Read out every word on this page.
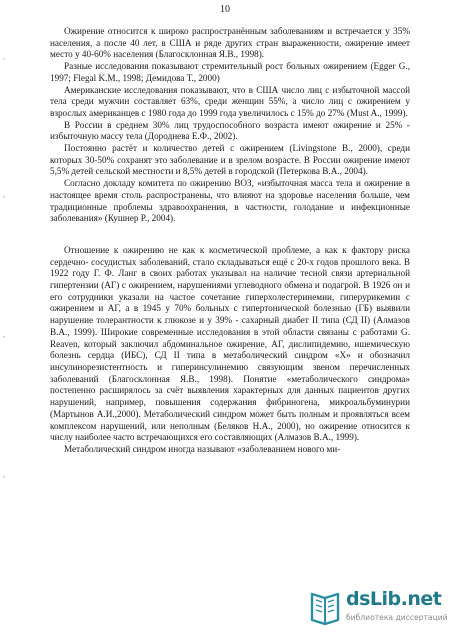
10
,
,
,
,

Ожирение относится к широко распространённым заболеваниям и встречается у 35% населения, а после 40 лет, в США и ряде других стран выраженности, ожирение имеет место у 40-60% населения (Благосклонная Я.В., 1998).

Разные исследования показывают стремительный рост больных ожирением (Egger G., 1997; Flegal K.M., 1998; Демидова Т., 2000)

Американские исследования показывают, что в США число лиц с избыточной массой тела среди мужчин составляет 63%, среди женщин 55%, а число лиц с ожирением у взрослых американцев с 1980 года до 1999 года увеличилось с 15% до 27% (Must A., 1999).

В России в среднем 30% лиц трудоспособного возраста имеют ожирение и 25% - избыточную массу тела (Дороднева Е.Ф., 2002).

Постоянно растёт и количество детей с ожирением (Livingstone B., 2000), среди которых 30-50% сохранят это заболевание и в зрелом возрасте. В России ожирение имеют 5,5% детей сельской местности и 8,5% детей в городской (Петеркова В.А., 2004).

Согласно докладу комитета по ожирению ВОЗ, «избыточная масса тела и ожирение в настоящее время столь распространены, что влияют на здоровье населения больше, чем традиционные проблемы здравоохранения, в частности, голодание и инфекционные заболевания» (Кушнер Р., 2004).

Отношение к ожирению не как к косметической проблеме, а как к фактору риска сердечно- сосудистых заболеваний, стало складываться ещё с 20-х годов прошлого века. В 1922 году Г. Ф. Ланг в своих работах указывал на наличие тесной связи артериальной гипертензии (АГ) с ожирением, нарушениями углеводного обмена и подагрой. В 1926 он и его сотрудники указали на частое сочетание гиперхолестеринемии, гиперурикемии с ожирением и АГ, а в 1945 у 70% больных с гипертонической болезнью (ГБ) выявили нарушение толерантности к глюкозе и у 39% - сахарный диабет II типа (СД II) (Алмазов В.А., 1999). Широкие современные исследования в этой области связаны с работами G. Reaven, который заключил абдоминальное ожирение, АГ, дислипидемию, ишемическую болезнь сердца (ИБС), СД II типа в метаболический синдром «Х» и обозначил инсулинорезистентность и гиперинсулинемию связующим звеном перечисленных заболеваний (Благосклонная Я.В., 1998). Понятие «метаболического синдрома» постепенно расширялось за счёт выявления характерных для данных пациентов других нарушений, например, повышения содержания фибриногена, микроальбуминурии (Мартынов А.И.,2000). Метаболический синдром может быть полным и проявляться всем комплексом нарушений, или неполным (Беляков Н.А., 2000), но ожирение относится к числу наиболее часто встречающихся его составляющих (Алмазов В.А., 1999).

Метаболический синдром иногда называют «заболеванием нового ми-

dsLib.net
библиотека диссертаций
